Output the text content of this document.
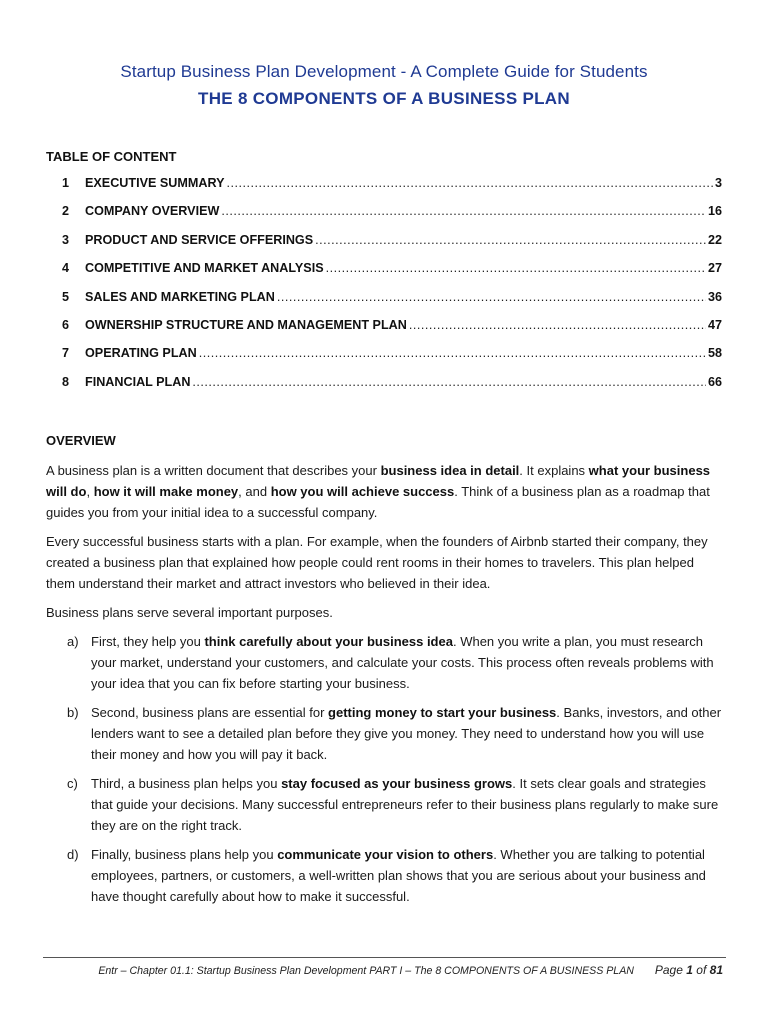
Startup Business Plan Development - A Complete Guide for Students
THE 8 COMPONENTS OF A BUSINESS PLAN
TABLE OF CONTENT
1	EXECUTIVE SUMMARY .....	3
2	COMPANY OVERVIEW .....	16
3	PRODUCT AND SERVICE OFFERINGS .....	22
4	COMPETITIVE AND MARKET ANALYSIS .....	27
5	SALES AND MARKETING PLAN .....	36
6	OWNERSHIP STRUCTURE AND MANAGEMENT PLAN .....	47
7	OPERATING PLAN .....	58
8	FINANCIAL PLAN .....	66
OVERVIEW

A business plan is a written document that describes your business idea in detail. It explains what your business will do, how it will make money, and how you will achieve success. Think of a business plan as a roadmap that guides you from your initial idea to a successful company.

Every successful business starts with a plan. For example, when the founders of Airbnb started their company, they created a business plan that explained how people could rent rooms in their homes to travelers. This plan helped them understand their market and attract investors who believed in their idea.

Business plans serve several important purposes.

a) First, they help you think carefully about your business idea. When you write a plan, you must research your market, understand your customers, and calculate your costs. This process often reveals problems with your idea that you can fix before starting your business.
b) Second, business plans are essential for getting money to start your business. Banks, investors, and other lenders want to see a detailed plan before they give you money. They need to understand how you will use their money and how you will pay it back.
c)	Third, a business plan helps you stay focused as your business grows. It sets clear goals and strategies that guide your decisions. Many successful entrepreneurs refer to their business plans regularly to make sure they are on the right track.
d) Finally, business plans help you communicate your vision to others. Whether you are talking to potential employees, partners, or customers, a well-written plan shows that you are serious about your business and have thought carefully about how to make it successful.
Entr – Chapter 01.1: Startup Business Plan Development PART I – The 8 COMPONENTS OF A BUSINESS PLAN Page 1 of 81
